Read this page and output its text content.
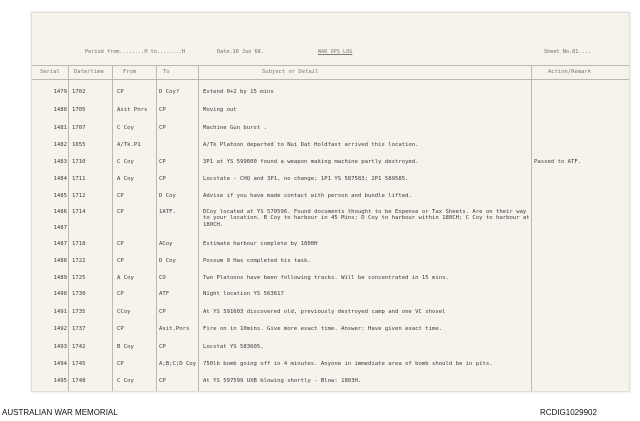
Period from........H to........H	Date.16 Jun 68.	WAR OPS LOG	Sheet No.81....
Serial	Date/time	From	To	Subject or Detail	Action/Remark
1479 1702	CP	D Coy?	Extend 0+2 by 15 mins
1480 1705	Asit Pnrs	CP	Moving out
1481 1707	C Coy	CP	Machine Gun burst .
1482 1655	A/Tk.P1	A/Tk Platoon departed to Nui Dat Holdfast arrived this location.
1483 1710	C Coy	CP	3P1 at YS 599600 found a weapon making machine partly destroyed.	Passed to ATF.
1484 1711	A Coy	CP	Locstate - CHQ and 3P1, no change; 1P1 YS 587583; 2P1 589585.
1485 1712	CP	D Coy	Advise if you have made contact with person and bundle lifted.
1486 1714	CP	1ATF.	DCoy located at YS 570596. Found documents thought to be Expense or Tax Sheets. Are on their way to your location. B Coy to harbour in 45 Mins; D Coy to harbour within 180CH; C Coy to harbour at 180CH.
1487
1487 1718	CP	ACoy	Estimate harbour complete by 1800H
1488 1722	CP	D Coy	Possum 9 Has completed his task.
1489 1725	A Coy	CO	Two Platoons have been following tracks. Will be concentrated in 15 mins.
1490 1730	CP	ATF	Night location YS 563617
1491 1735	CCoy	CP	At YS 591603 discovered old, previously destroyed camp and one VC shovel
1492 1737	CP	Asit.Pnrs	Fire on in 10mins. Give more exact time. Answer: Have given exact time.
1493 1742	B Coy	CP	Locstat YS 583605.
1494 1745	CP	A;B;C;D Coy	750lb bomb going off in 4 minutes. Anyone in immediate area of bomb should be in pits.
1495 1748	C Coy	CP	At YS 597599 UXB blowing shortly - Blow: 1803H.
AUSTRALIAN WAR MEMORIAL	RCDIG1029902
